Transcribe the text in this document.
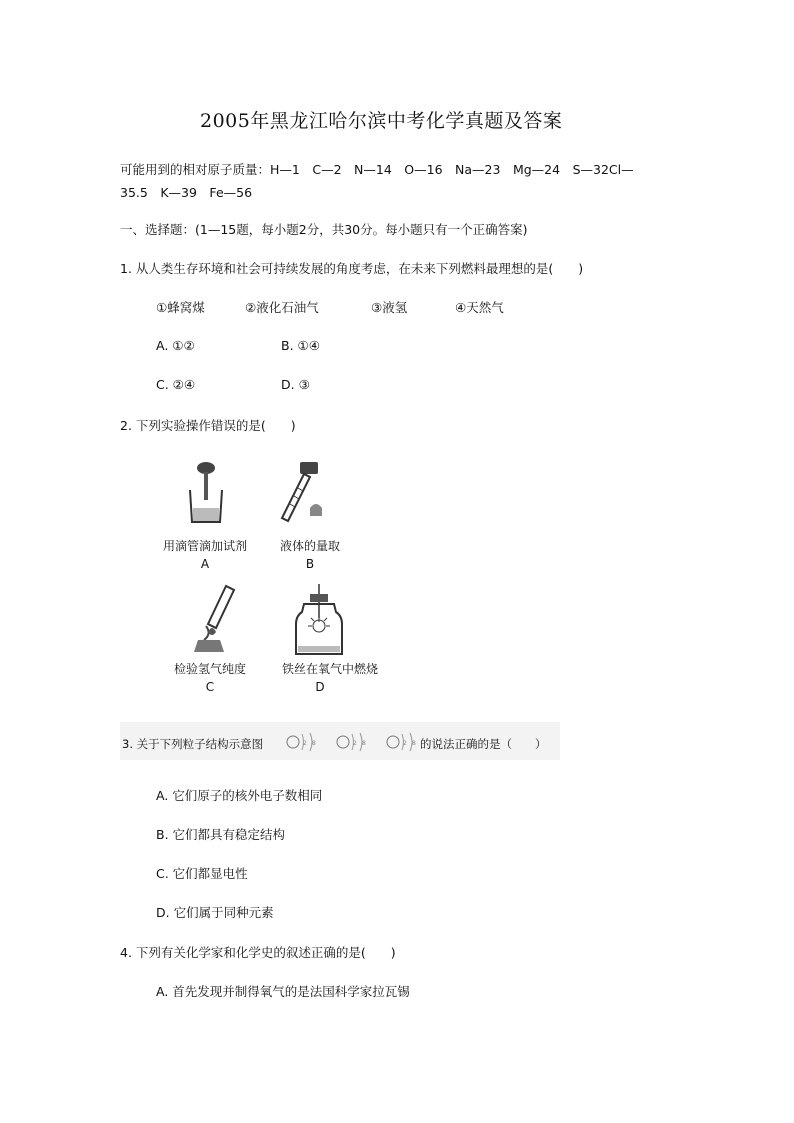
2005年黑龙江哈尔滨中考化学真题及答案
可能用到的相对原子质量：H—1　C—2　N—14　O—16　Na—23　Mg—24　S—32Cl—
35.5　K—39　Fe—56
一、选择题：(1—15题，每小题2分，共30分。每小题只有一个正确答案)
1. 从人类生存环境和社会可持续发展的角度考虑，在未来下列燃料最理想的是(　　)
①蜂窝煤	②液化石油气	③液氢	④天然气
A. ①②	B. ①④
C. ②④	D. ③
2. 下列实验操作错误的是(　　)
用滴管滴加试剂
A
液体的量取
B
检验氢气纯度
C
铁丝在氧气中燃烧
D
3. 关于下列粒子结构示意图	2 8	2 8	2 8 的说法正确的是（　　）
A. 它们原子的核外电子数相同
B. 它们都具有稳定结构
C. 它们都显电性
D. 它们属于同种元素
4. 下列有关化学家和化学史的叙述正确的是(　　)
A. 首先发现并制得氧气的是法国科学家拉瓦锡
